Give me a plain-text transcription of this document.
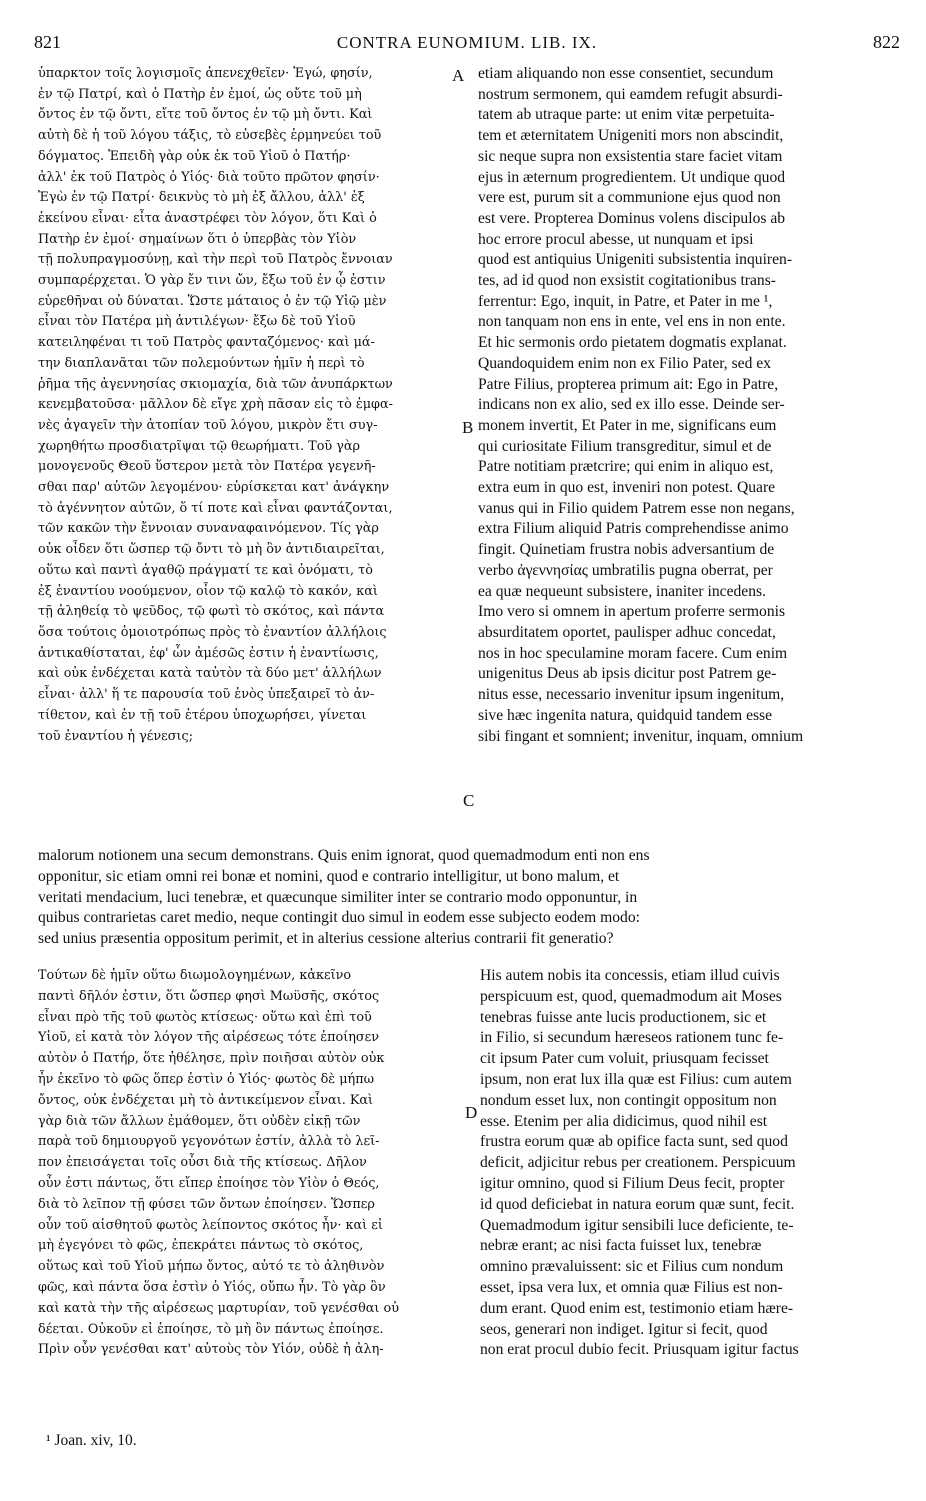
821	CONTRA EUNOMIUM. LIB. IX.	822
ὑπαρκτον τοῖς λογισμοῖς ἀπενεχθεῖεν· Ἐγώ, φησίν,
ἐν τῷ Πατρί, καὶ ὁ Πατὴρ ἐν ἐμοί, ὡς οὔτε τοῦ μὴ
ὄντος ἐν τῷ ὄντι, εἴτε τοῦ ὄντος ἐν τῷ μὴ ὄντι. Καὶ
αὐτὴ δὲ ἡ τοῦ λόγου τάξις, τὸ εὐσεβὲς ἑρμηνεύει τοῦ
δόγματος. Ἐπειδὴ γὰρ οὐκ ἐκ τοῦ Υἱοῦ ὁ Πατήρ·
ἀλλ' ἐκ τοῦ Πατρὸς ὁ Υἱός· διὰ τοῦτο πρῶτον φησίν·
Ἐγὼ ἐν τῷ Πατρί· δεικνὺς τὸ μὴ ἐξ ἄλλου, ἀλλ' ἐξ
ἐκείνου εἶναι· εἶτα ἀναστρέφει τὸν λόγον, ὅτι Καὶ ὁ
Πατὴρ ἐν ἐμοί· σημαίνων ὅτι ὁ ὑπερβὰς τὸν Υἱὸν
τῇ πολυπραγμοσύνῃ, καὶ τὴν περὶ τοῦ Πατρὸς ἔννοιαν
συμπαρέρχεται. Ὁ γὰρ ἔν τινι ὤν, ἔξω τοῦ ἐν ᾧ ἐστιν
εὑρεθῆναι οὐ δύναται. Ὥστε μάταιος ὁ ἐν τῷ Υἱῷ μὲν
εἶναι τὸν Πατέρα μὴ ἀντιλέγων· ἔξω δὲ τοῦ Υἱοῦ
κατειληφέναι τι τοῦ Πατρὸς φανταζόμενος· καὶ μά-
την διαπλανᾶται τῶν πολεμούντων ἡμῖν ἡ περὶ τὸ
ῥῆμα τῆς ἀγεννησίας σκιομαχία, διὰ τῶν ἀνυπάρκτων
κενεμβατοῦσα· μᾶλλον δὲ εἴγε χρὴ πᾶσαν εἰς τὸ ἐμφα-
νὲς ἀγαγεῖν τὴν ἀτοπίαν τοῦ λόγου, μικρὸν ἔτι συγ-
χωρηθήτω προσδιατρῖψαι τῷ θεωρήματι. Τοῦ γὰρ
μονογενοῦς Θεοῦ ὕστερον μετὰ τὸν Πατέρα γεγενῆ-
σθαι παρ' αὐτῶν λεγομένου· εὑρίσκεται κατ' ἀνάγκην
τὸ ἀγέννητον αὐτῶν, ὅ τί ποτε καὶ εἶναι φαντάζονται,
τῶν κακῶν τὴν ἔννοιαν συναναφαινόμενον. Τίς γὰρ
οὐκ οἶδεν ὅτι ὥσπερ τῷ ὄντι τὸ μὴ ὂν ἀντιδιαιρεῖται,
οὕτω καὶ παντὶ ἀγαθῷ πράγματί τε καὶ ὀνόματι, τὸ
ἐξ ἐναντίου νοούμενον, οἷον τῷ καλῷ τὸ κακόν, καὶ
τῇ ἀληθείᾳ τὸ ψεῦδος, τῷ φωτὶ τὸ σκότος, καὶ πάντα
ὅσα τούτοις ὁμοιοτρόπως πρὸς τὸ ἐναντίον ἀλλήλοις
ἀντικαθίσταται, ἐφ' ὧν ἀμέσῶς ἐστιν ἡ ἐναντίωσις,
καὶ οὐκ ἐνδέχεται κατὰ ταὐτὸν τὰ δύο μετ' ἀλλήλων
εἶναι· ἀλλ' ἥ τε παρουσία τοῦ ἑνὸς ὑπεξαιρεῖ τὸ ἀν-
τίθετον, καὶ ἐν τῇ τοῦ ἑτέρου ὑποχωρήσει, γίνεται
τοῦ ἐναντίου ἡ γένεσις;
etiam aliquando non esse consentiet, secundum
nostrum sermonem, qui eamdem refugit absurdi-
tatem ab utraque parte: ut enim vitæ perpetuita-
tem et æternitatem Unigeniti mors non abscindit,
sic neque supra non exsistentia stare faciet vitam
ejus in æternum progredientem. Ut undique quod
vere est, purum sit a communione ejus quod non
est vere. Propterea Dominus volens discipulos ab
hoc errore procul abesse, ut nunquam et ipsi
quod est antiquius Unigeniti subsistentia inquiren-
tes, ad id quod non exsistit cogitationibus trans-
ferrentur: Ego, inquit, in Patre, et Pater in me ¹,
non tanquam non ens in ente, vel ens in non ente.
Et hic sermonis ordo pietatem dogmatis explanat.
Quandoquidem enim non ex Filio Pater, sed ex
Patre Filius, propterea primum ait: Ego in Patre,
indicans non ex alio, sed ex illo esse. Deinde ser-
monem invertit, Et Pater in me, significans eum
qui curiositate Filium transgreditur, simul et de
Patre notitiam prætcrire; qui enim in aliquo est,
extra eum in quo est, inveniri non potest. Quare
vanus qui in Filio quidem Patrem esse non negans,
extra Filium aliquid Patris comprehendisse animo
fingit. Quinetiam frustra nobis adversantium de
verbo ἀγεννησίας umbratilis pugna oberrat, per
ea quæ nequeunt subsistere, inaniter incedens.
Imo vero si omnem in apertum proferre sermonis
absurditatem oportet, paulisper adhuc concedat,
nos in hoc speculamine moram facere. Cum enim
unigenitus Deus ab ipsis dicitur post Patrem ge-
nitus esse, necessario invenitur ipsum ingenitum,
sive hæc ingenita natura, quidquid tandem esse
sibi fingant et somnient; invenitur, inquam, omnium
malorum notionem una secum demonstrans. Quis enim ignorat, quod quemadmodum enti non ens
opponitur, sic etiam omni rei bonæ et nomini, quod e contrario intelligitur, ut bono malum, et
veritati mendacium, luci tenebræ, et quæcunque similiter inter se contrario modo opponuntur, in
quibus contrarietas caret medio, neque contingit duo simul in eodem esse subjecto eodem modo:
sed unius præsentia oppositum perimit, et in alterius cessione alterius contrarii fit generatio?
Τούτων δὲ ἡμῖν οὕτω διωμολογημένων, κἀκεῖνο
παντὶ δῆλόν ἐστιν, ὅτι ὥσπερ φησὶ Μωϋσῆς, σκότος
εἶναι πρὸ τῆς τοῦ φωτὸς κτίσεως· οὕτω καὶ ἐπὶ τοῦ
Υἱοῦ, εἰ κατὰ τὸν λόγον τῆς αἱρέσεως τότε ἐποίησεν
αὐτὸν ὁ Πατήρ, ὅτε ἠθέλησε, πρὶν ποιῆσαι αὐτὸν οὐκ
ἦν ἐκεῖνο τὸ φῶς ὅπερ ἐστὶν ὁ Υἱός· φωτὸς δὲ μήπω
ὄντος, οὐκ ἐνδέχεται μὴ τὸ ἀντικείμενον εἶναι. Καὶ
γὰρ διὰ τῶν ἄλλων ἐμάθομεν, ὅτι οὐδὲν εἰκῇ τῶν
παρὰ τοῦ δημιουργοῦ γεγονότων ἐστίν, ἀλλὰ τὸ λεῖ-
πον ἐπεισάγεται τοῖς οὖσι διὰ τῆς κτίσεως. Δῆλον
οὖν ἐστι πάντως, ὅτι εἴπερ ἐποίησε τὸν Υἱὸν ὁ Θεός,
διὰ τὸ λεῖπον τῇ φύσει τῶν ὄντων ἐποίησεν. Ὥσπερ
οὖν τοῦ αἰσθητοῦ φωτὸς λείποντος σκότος ἦν· καὶ εἰ
μὴ ἐγεγόνει τὸ φῶς, ἐπεκράτει πάντως τὸ σκότος,
οὕτως καὶ τοῦ Υἱοῦ μήπω ὄντος, αὐτό τε τὸ ἀληθινὸν
φῶς, καὶ πάντα ὅσα ἐστὶν ὁ Υἱός, οὔπω ἦν. Τὸ γὰρ ὂν
καὶ κατὰ τὴν τῆς αἱρέσεως μαρτυρίαν, τοῦ γενέσθαι οὐ
δέεται. Οὐκοῦν εἰ ἐποίησε, τὸ μὴ ὂν πάντως ἐποίησε.
Πρὶν οὖν γενέσθαι κατ' αὐτοὺς τὸν Υἱόν, οὐδὲ ἡ ἀλη-
His autem nobis ita concessis, etiam illud cuivis
perspicuum est, quod, quemadmodum ait Moses
tenebras fuisse ante lucis productionem, sic et
in Filio, si secundum hæreseos rationem tunc fe-
cit ipsum Pater cum voluit, priusquam fecisset
ipsum, non erat lux illa quæ est Filius: cum autem
nondum esset lux, non contingit oppositum non
esse. Etenim per alia didicimus, quod nihil est
frustra eorum quæ ab opifice facta sunt, sed quod
deficit, adjicitur rebus per creationem. Perspicuum
igitur omnino, quod si Filium Deus fecit, propter
id quod deficiebat in natura eorum quæ sunt, fecit.
Quemadmodum igitur sensibili luce deficiente, te-
nebræ erant; ac nisi facta fuisset lux, tenebræ
omnino prævaluissent: sic et Filius cum nondum
esset, ipsa vera lux, et omnia quæ Filius est non-
dum erant. Quod enim est, testimonio etiam hære-
seos, generari non indiget. Igitur si fecit, quod
non erat procul dubio fecit. Priusquam igitur factus
A
B
C
D
¹ Joan. xiv, 10.
